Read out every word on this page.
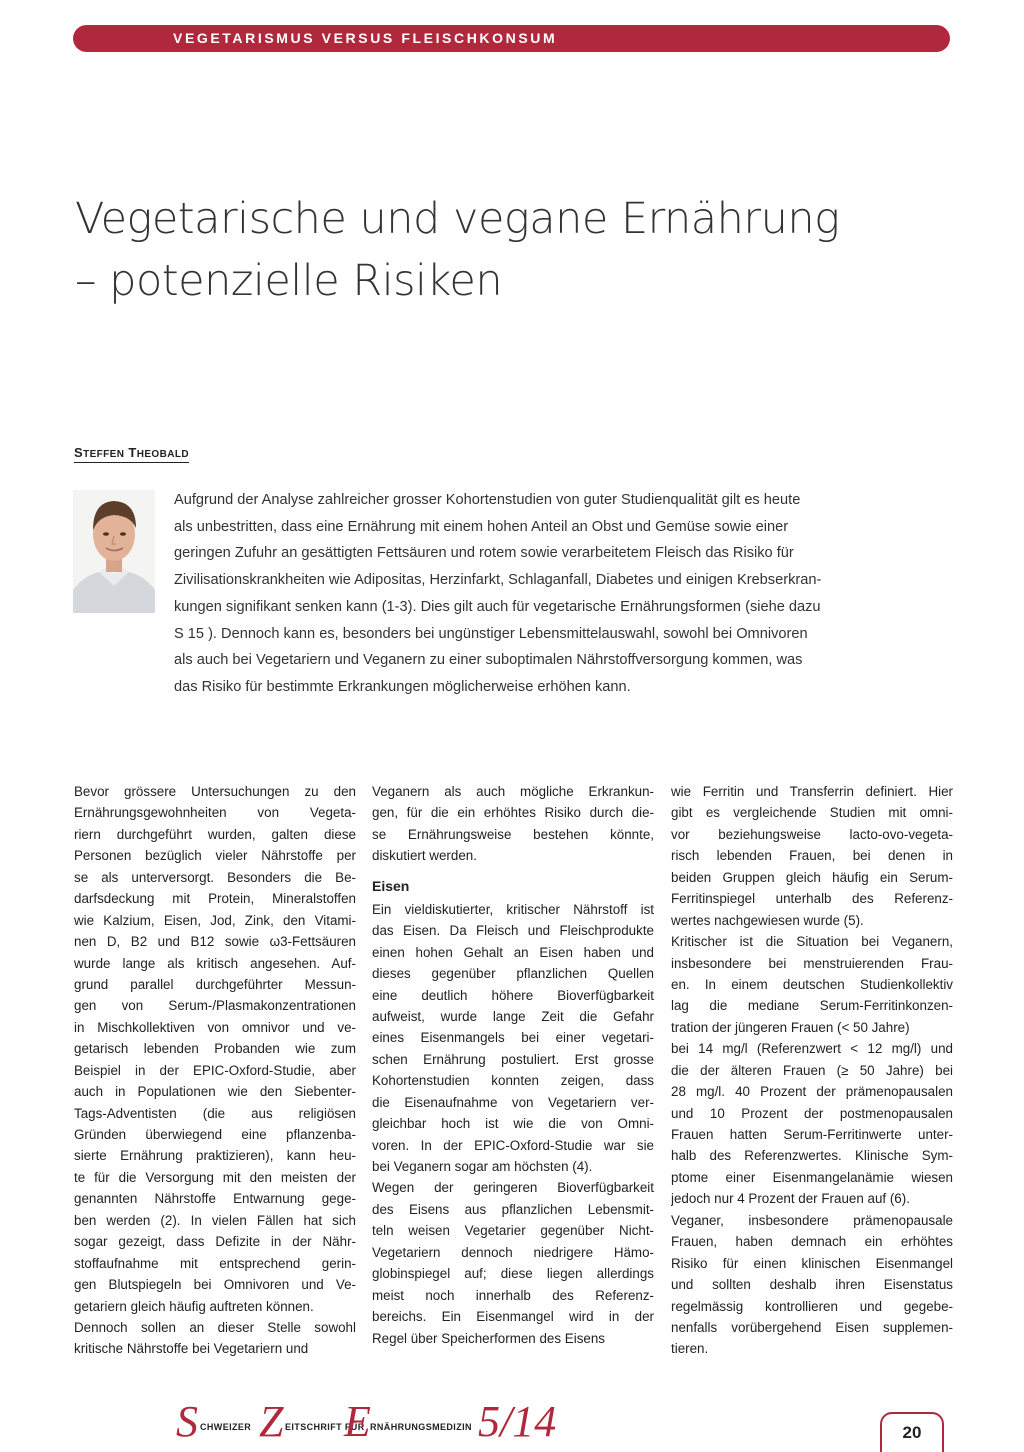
VEGETARISMUS VERSUS FLEISCHKONSUM
Vegetarische und vegane Ernährung
– potenzielle Risiken
STEFFEN THEOBALD

Aufgrund der Analyse zahlreicher grosser Kohortenstudien von guter Studienqualität gilt es heute
als unbestritten, dass eine Ernährung mit einem hohen Anteil an Obst und Gemüse sowie einer
geringen Zufuhr an gesättigten Fettsäuren und rotem sowie verarbeitetem Fleisch das Risiko für
Zivilisationskrankheiten wie Adipositas, Herzinfarkt, Schlaganfall, Diabetes und einigen Krebserkran-
kungen signifikant senken kann (1-3). Dies gilt auch für vegetarische Ernährungsformen (siehe dazu
S 15 ). Dennoch kann es, besonders bei ungünstiger Lebensmittelauswahl, sowohl bei Omnivoren
als auch bei Vegetariern und Veganern zu einer suboptimalen Nährstoffversorgung kommen, was
das Risiko für bestimmte Erkrankungen möglicherweise erhöhen kann.

Bevor grössere Untersuchungen zu den
Ernährungsgewohnheiten von Vegeta-
riern durchgeführt wurden, galten diese
Personen bezüglich vieler Nährstoffe per
se als unterversorgt. Besonders die Be-
darfsdeckung mit Protein, Mineralstoffen
wie Kalzium, Eisen, Jod, Zink, den Vitami-
nen D, B2 und B12 sowie ω3-Fettsäuren
wurde lange als kritisch angesehen. Auf-
grund parallel durchgeführter Messun-
gen von Serum-/Plasmakonzentrationen
in Mischkollektiven von omnivor und ve-
getarisch lebenden Probanden wie zum
Beispiel in der EPIC-Oxford-Studie, aber
auch in Populationen wie den Siebenter-
Tags-Adventisten (die aus religiösen
Gründen überwiegend eine pflanzenba-
sierte Ernährung praktizieren), kann heu-
te für die Versorgung mit den meisten der
genannten Nährstoffe Entwarnung gege-
ben werden (2). In vielen Fällen hat sich
sogar gezeigt, dass Defizite in der Nähr-
stoffaufnahme mit entsprechend gerin-
gen Blutspiegeln bei Omnivoren und Ve-
getariern gleich häufig auftreten können.
Dennoch sollen an dieser Stelle sowohl
kritische Nährstoffe bei Vegetariern und
Veganern als auch mögliche Erkrankun-
gen, für die ein erhöhtes Risiko durch die-
se Ernährungsweise bestehen könnte,
diskutiert werden.
Eisen
Ein vieldiskutierter, kritischer Nährstoff ist
das Eisen. Da Fleisch und Fleischprodukte
einen hohen Gehalt an Eisen haben und
dieses gegenüber pflanzlichen Quellen
eine deutlich höhere Bioverfügbarkeit
aufweist, wurde lange Zeit die Gefahr
eines Eisenmangels bei einer vegetari-
schen Ernährung postuliert. Erst grosse
Kohortenstudien konnten zeigen, dass
die Eisenaufnahme von Vegetariern ver-
gleichbar hoch ist wie die von Omni-
voren. In der EPIC-Oxford-Studie war sie
bei Veganern sogar am höchsten (4).
Wegen der geringeren Bioverfügbarkeit
des Eisens aus pflanzlichen Lebensmit-
teln weisen Vegetarier gegenüber Nicht-
Vegetariern dennoch niedrigere Hämo-
globinspiegel auf; diese liegen allerdings
meist noch innerhalb des Referenz-
bereichs. Ein Eisenmangel wird in der
Regel über Speicherformen des Eisens
wie Ferritin und Transferrin definiert. Hier
gibt es vergleichende Studien mit omni-
vor beziehungsweise lacto-ovo-vegeta-
risch lebenden Frauen, bei denen in
beiden Gruppen gleich häufig ein Serum-
Ferritinspiegel unterhalb des Referenz-
wertes nachgewiesen wurde (5).
Kritischer ist die Situation bei Veganern,
insbesondere bei menstruierenden Frau-
en. In einem deutschen Studienkollektiv
lag die mediane Serum-Ferritinkonzen-
tration der jüngeren Frauen (< 50 Jahre)
bei 14 mg/l (Referenzwert < 12 mg/l) und
die der älteren Frauen (≥ 50 Jahre) bei
28 mg/l. 40 Prozent der prämenopausalen
und 10 Prozent der postmenopausalen
Frauen hatten Serum-Ferritinwerte unter-
halb des Referenzwertes. Klinische Sym-
ptome einer Eisenmangelanämie wiesen
jedoch nur 4 Prozent der Frauen auf (6).
Veganer, insbesondere prämenopausale
Frauen, haben demnach ein erhöhtes
Risiko für einen klinischen Eisenmangel
und sollten deshalb ihren Eisenstatus
regelmässig kontrollieren und gegebe-
nenfalls vorübergehend Eisen supplemen-
tieren.
S CHWEIZER Z EITSCHRIFT FÜR
E RNÄHRUNGSMEDIZIN 5/14	20
